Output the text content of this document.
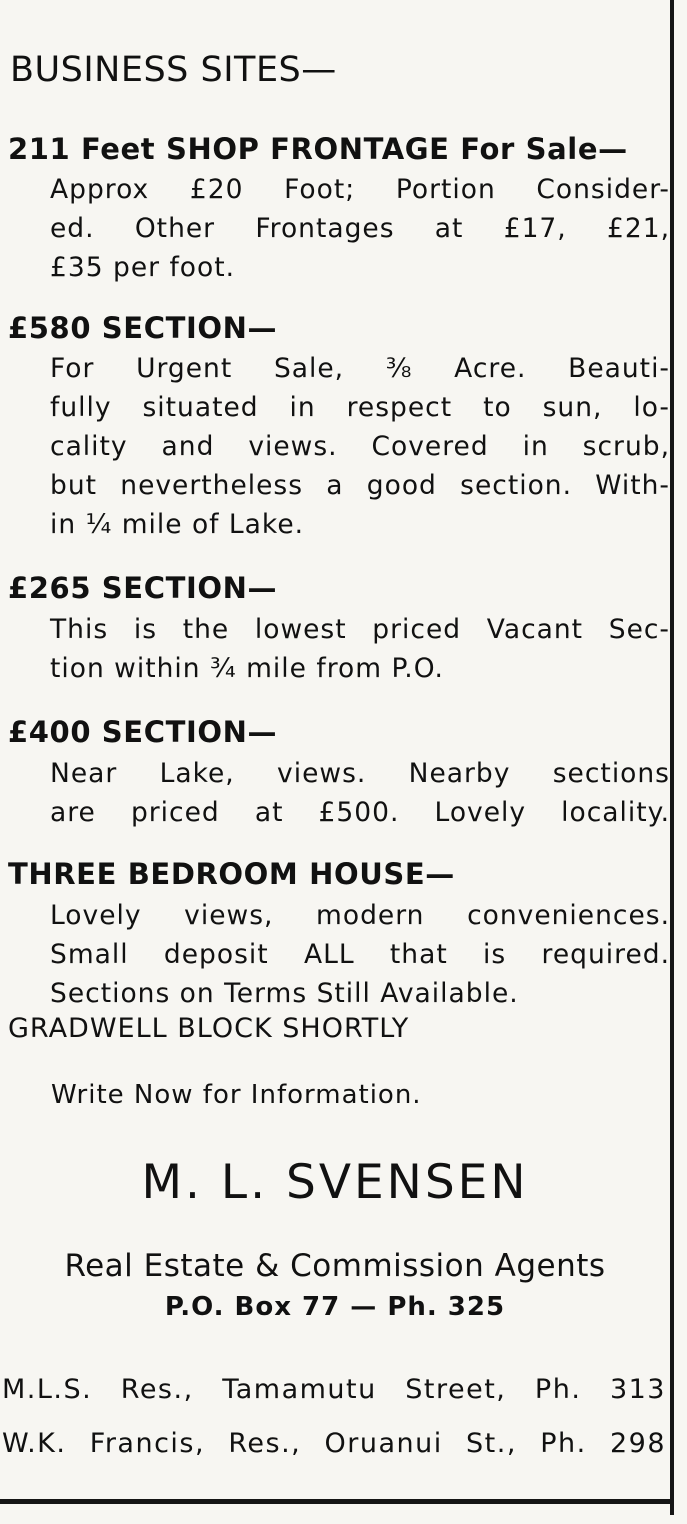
BUSINESS SITES—
211 Feet SHOP FRONTAGE For Sale—

Approx £20 Foot; Portion Consider-
ed. Other Frontages at £17, £21,
£35 per foot.

£580 SECTION—

For Urgent Sale, ⅜ Acre. Beauti-
fully situated in respect to sun, lo-
cality and views. Covered in scrub,
but nevertheless a good section. With-
in ¼ mile of Lake.

£265 SECTION—

This is the lowest priced Vacant Sec-
tion within ¾ mile from P.O.

£400 SECTION—

Near Lake, views. Nearby sections
are priced at £500. Lovely locality.

THREE BEDROOM HOUSE—

Lovely views, modern conveniences.
Small deposit ALL that is required.
Sections on Terms Still Available.

GRADWELL BLOCK SHORTLY

Write Now for Information.

M. L. SVENSEN

Real Estate & Commission Agents

P.O. Box 77 — Ph. 325

M.L.S. Res., Tamamutu Street, Ph. 313

W.K. Francis, Res., Oruanui St., Ph. 298
